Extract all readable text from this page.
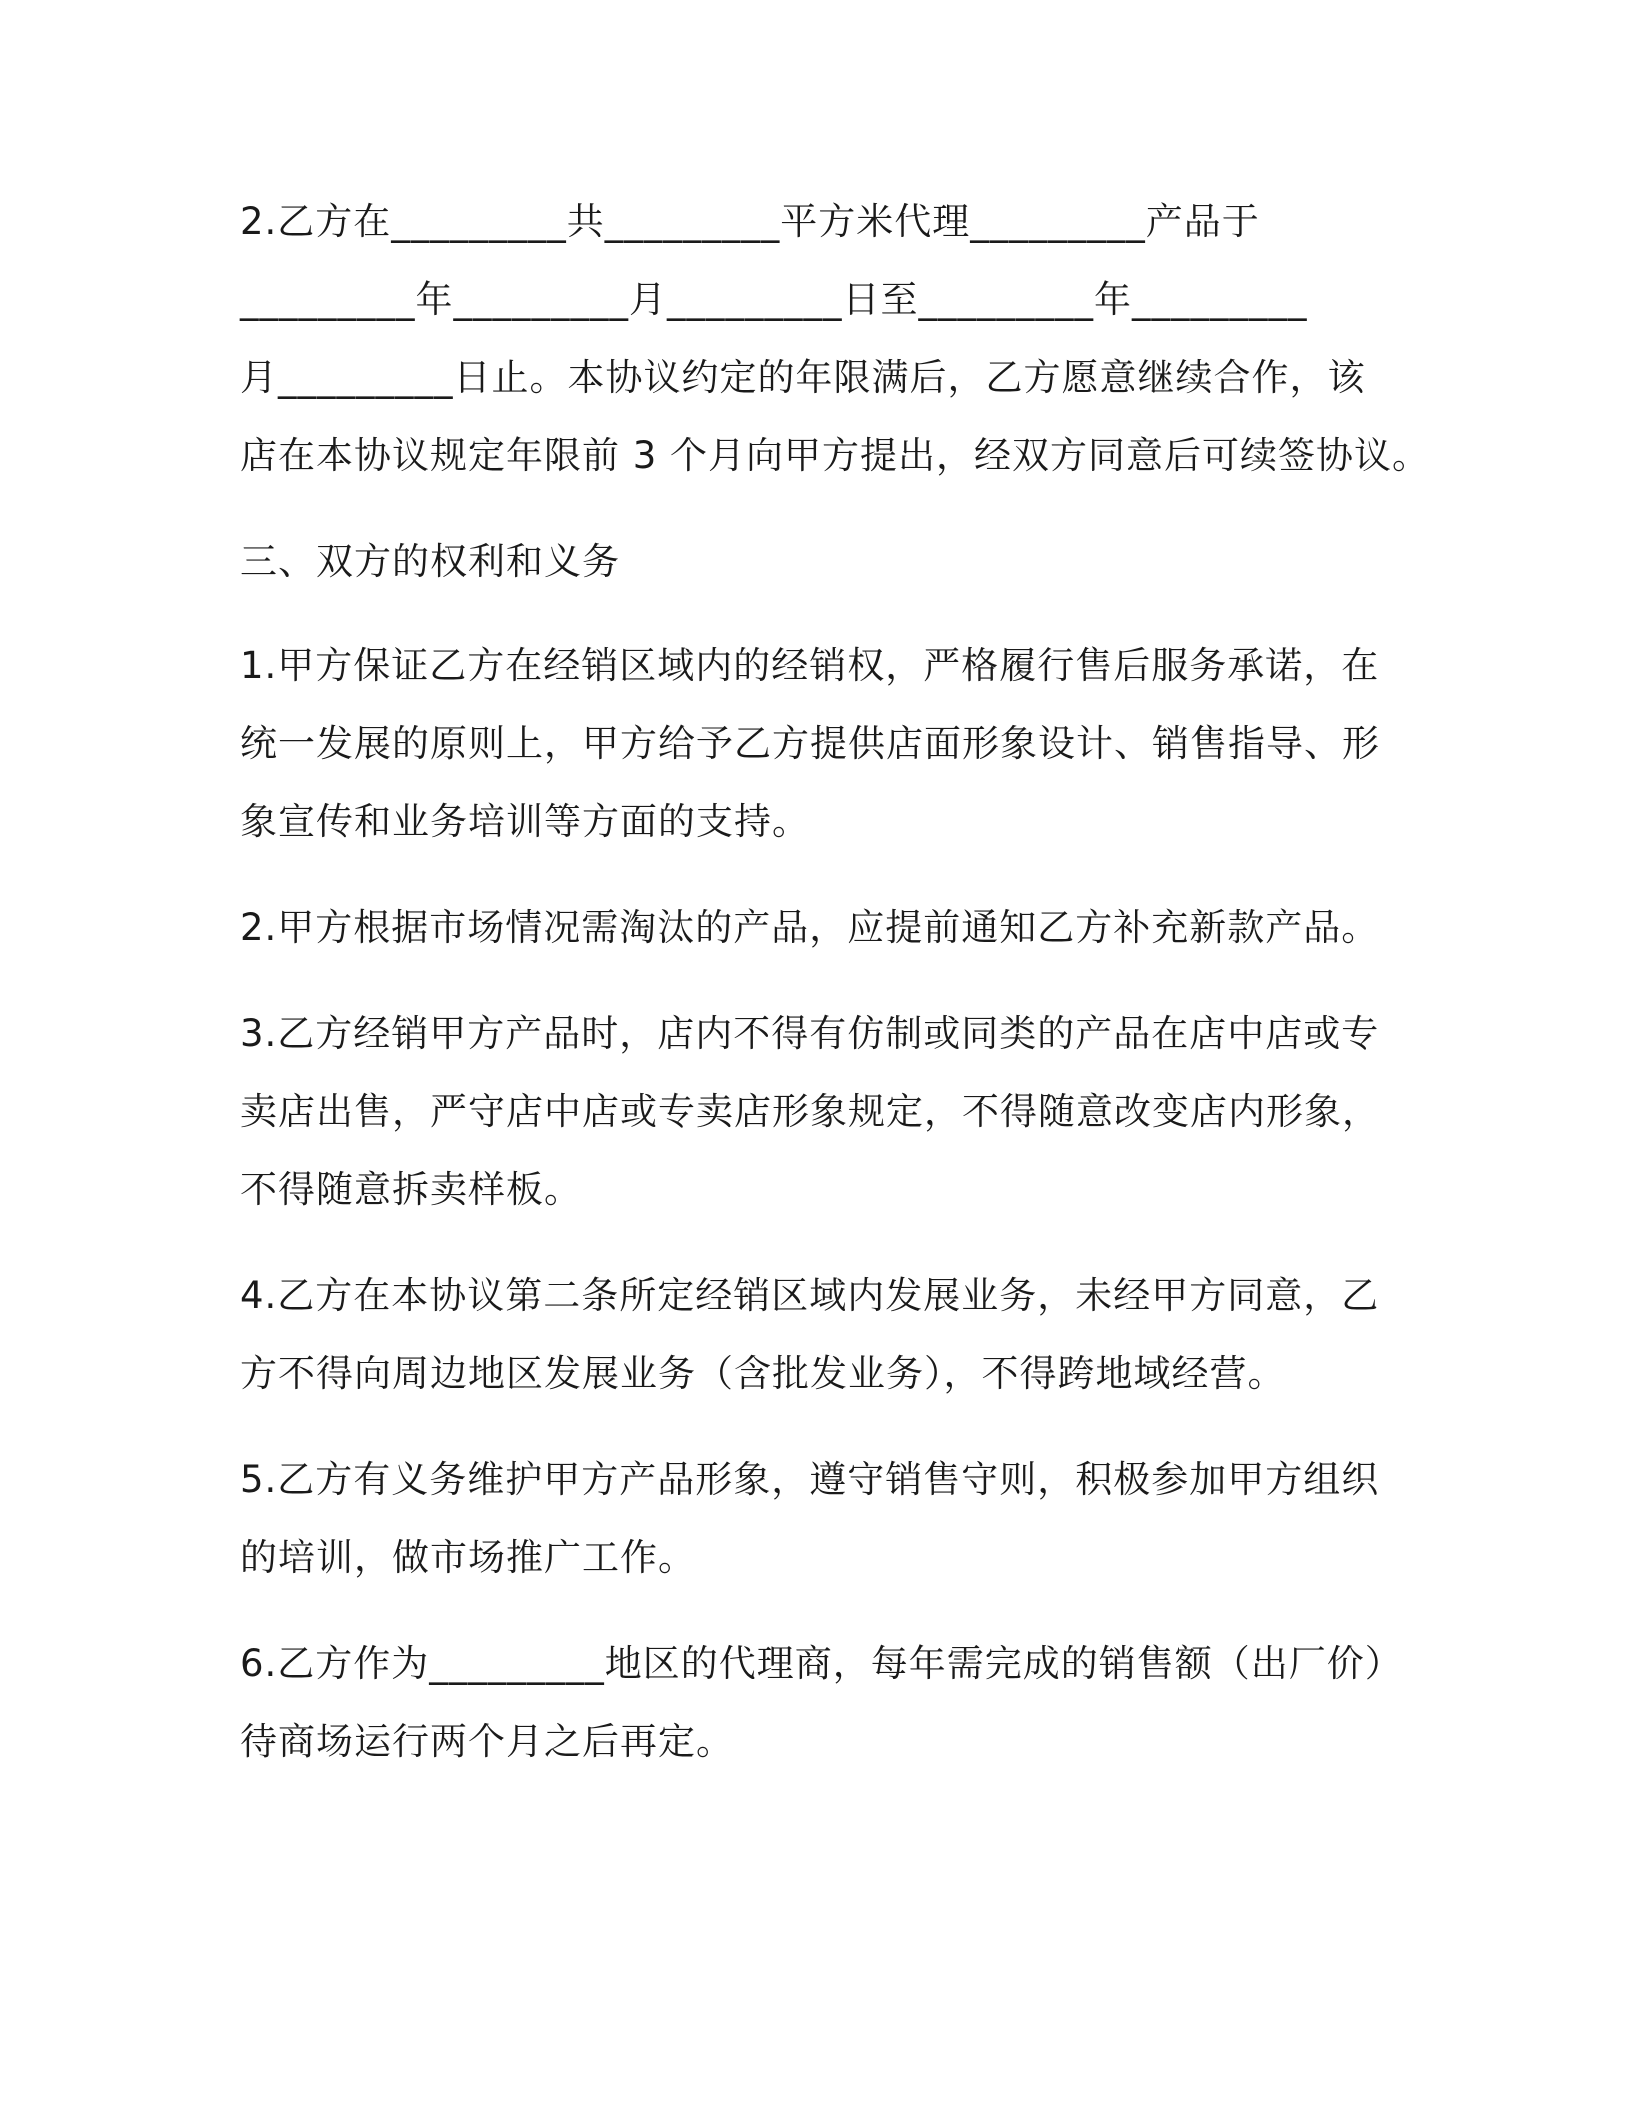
2.乙方在_________共_________平方米代理_________产品于
_________年_________月_________日至_________年_________
月_________日止。本协议约定的年限满后，乙方愿意继续合作，该
店在本协议规定年限前 3 个月向甲方提出，经双方同意后可续签协议。

三、双方的权利和义务

1.甲方保证乙方在经销区域内的经销权，严格履行售后服务承诺，在
统一发展的原则上，甲方给予乙方提供店面形象设计、销售指导、形
象宣传和业务培训等方面的支持。

2.甲方根据市场情况需淘汰的产品，应提前通知乙方补充新款产品。

3.乙方经销甲方产品时，店内不得有仿制或同类的产品在店中店或专
卖店出售，严守店中店或专卖店形象规定，不得随意改变店内形象，
不得随意拆卖样板。

4.乙方在本协议第二条所定经销区域内发展业务，未经甲方同意，乙
方不得向周边地区发展业务（含批发业务），不得跨地域经营。

5.乙方有义务维护甲方产品形象，遵守销售守则，积极参加甲方组织
的培训，做市场推广工作。

6.乙方作为_________地区的代理商，每年需完成的销售额（出厂价）
待商场运行两个月之后再定。
